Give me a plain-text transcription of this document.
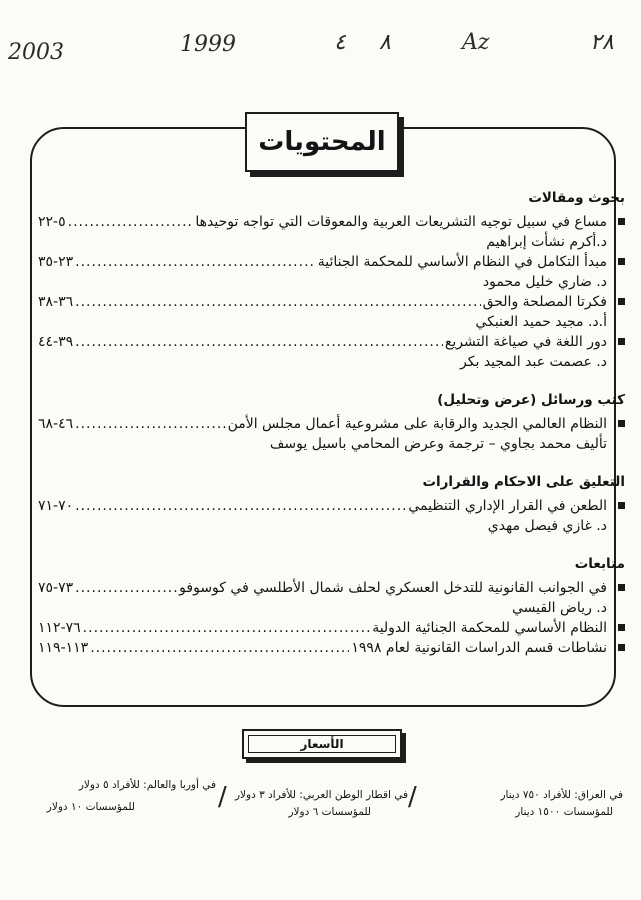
٢٨
Az
٨
٤
1999
2003
المحتويات
بحوث ومقالات
مساع في سبيل توجيه التشريعات العربية والمعوقات التي تواجه توحيدها
.....
٥-٢٢
د.أكرم نشأت إبراهيم
مبدأ التكامل في النظام الأساسي للمحكمة الجنائية
.....
٢٣-٣٥
د. ضاري خليل محمود
فكرتا المصلحة والحق
.....
٣٦-٣٨
أ.د. مجيد حميد العنبكي
دور اللغة في صياغة التشريع
.....
٣٩-٤٤
د. عصمت عبد المجيد بكر
كتب ورسائل (عرض وتحليل)
النظام العالمي الجديد والرقابة على مشروعية أعمال مجلس الأمن
.....
٤٦-٦٨
تأليف محمد بجاوي – ترجمة وعرض المحامي باسيل يوسف
التعليق على الاحكام والقرارات
الطعن في القرار الإداري التنظيمي
.....
٧٠-٧١
د. غازي فيصل مهدي
متابعات
في الجوانب القانونية للتدخل العسكري لحلف شمال الأطلسي في كوسوفو
.....
٧٣-٧٥
د. رياض القيسي
النظام الأساسي للمحكمة الجنائية الدولية
.....
٧٦-١١٢
نشاطات قسم الدراسات القانونية لعام ١٩٩٨
.....
١١٣-١١٩
الأسعار
في العراق: للأفراد ٧٥٠ دينار
للمؤسسات ١٥٠٠ دينار
/
في اقطار الوطن العربي: للأفراد ٣ دولار
للمؤسسات ٦ دولار
/
في أوربا والعالم: للأفراد ٥ دولار
للمؤسسات ١٠ دولار
